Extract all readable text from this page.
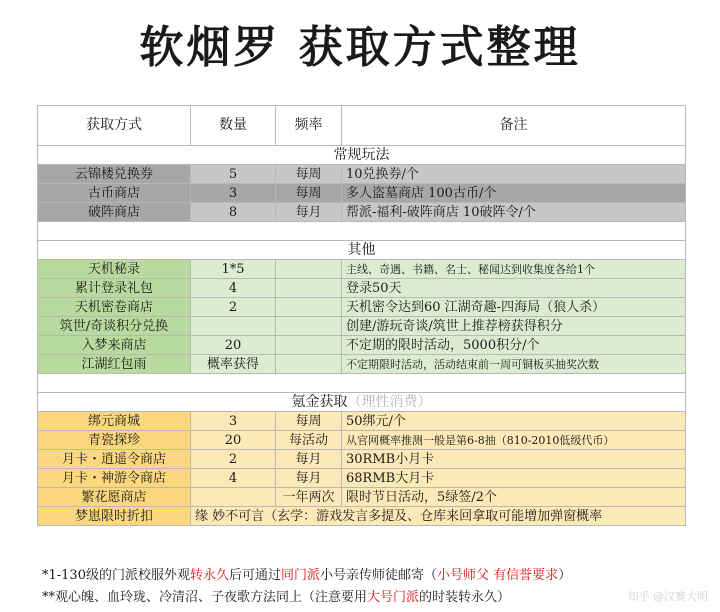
软烟罗 获取方式整理
获取方式	数量	频率	备注
常规玩法			
云锦楼兑换券	5	每周	10兑换券/个
古币商店	3	每周	多人盗墓商店 100古币/个
破阵商店	8	每月	帮派-福利-破阵商店 10破阵令/个

其他			
天机秘录	1*5		主线、奇遇、书籍、名士、秘闻达到收集度各给1个
累计登录礼包	4		登录50天
天机密卷商店	2		天机密令达到60 江湖奇趣-四海局（狼人杀）
筑世/奇谈积分兑换			创建/游玩奇谈/筑世上推荐榜获得积分
入梦来商店	20		不定期的限时活动，5000积分/个
江湖红包雨	概率获得		不定期限时活动，活动结束前一周可铜板买抽奖次数

氪金获取（理性消费）			
绑元商城	3	每周	50绑元/个
青瓷探珍	20	每活动	从官网概率推测一般是第6-8抽（810-2010低级代币）
月卡・逍遥令商店	2	每月	30RMB小月卡
月卡・神游令商店	4	每月	68RMB大月卡
繁花愿商店		一年两次	限时节日活动，5绿签/2个
梦崽限时折扣	缘 妙不可言（玄学：游戏发言多提及、仓库来回拿取可能增加弹窗概率		
*1-130级的门派校服外观转永久后可通过同门派小号亲传师徒邮寄（小号师父 有信誉要求）
**观心魄、血玲珑、冷清沼、子夜歌方法同上（注意要用大号门派的时装转永久）	知乎 @汉赛大明
